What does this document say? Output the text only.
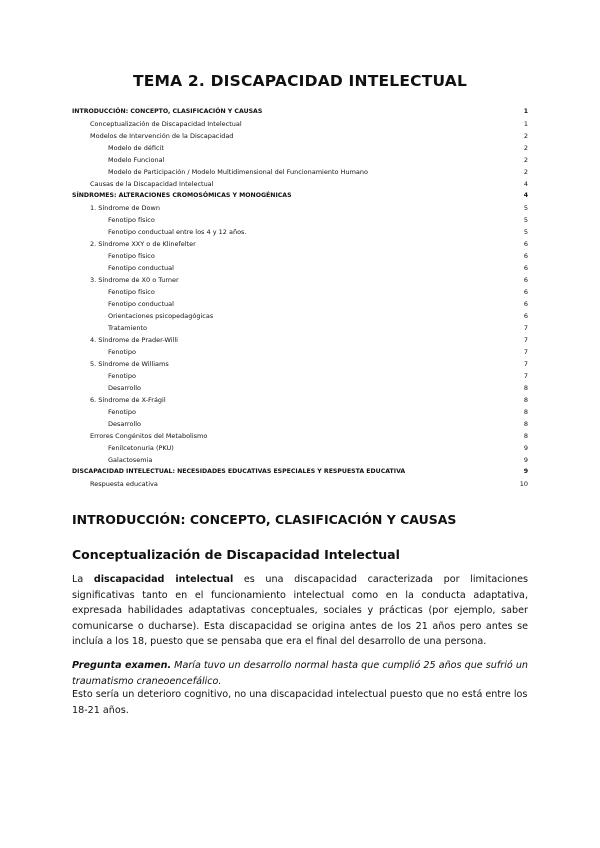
TEMA 2. DISCAPACIDAD INTELECTUAL
INTRODUCCIÓN: CONCEPTO, CLASIFICACIÓN Y CAUSAS	1
Conceptualización de Discapacidad Intelectual	1
Modelos de Intervención de la Discapacidad	2
Modelo de déficit	2
Modelo Funcional	2
Modelo de Participación / Modelo Multidimensional del Funcionamiento Humano	2
Causas de la Discapacidad Intelectual	4
SÍNDROMES: ALTERACIONES CROMOSÓMICAS Y MONOGÉNICAS	4
1. Síndrome de Down	5
Fenotipo físico	5
Fenotipo conductual entre los 4 y 12 años.	5
2. Síndrome XXY o de Klinefelter	6
Fenotipo físico	6
Fenotipo conductual	6
3. Síndrome de X0 o Turner	6
Fenotipo físico	6
Fenotipo conductual	6
Orientaciones psicopedagógicas	6
Tratamiento	7
4. Síndrome de Prader-Willi	7
Fenotipo	7
5. Síndrome de Williams	7
Fenotipo	7
Desarrollo	8
6. Síndrome de X-Frágil	8
Fenotipo	8
Desarrollo	8
Errores Congénitos del Metabolismo	8
Fenilcetonuria (PKU)	9
Galactosemia	9
DISCAPACIDAD INTELECTUAL: NECESIDADES EDUCATIVAS ESPECIALES Y RESPUESTA EDUCATIVA	9
Respuesta educativa	10
INTRODUCCIÓN: CONCEPTO, CLASIFICACIÓN Y CAUSAS
Conceptualización de Discapacidad Intelectual
La discapacidad intelectual es una discapacidad caracterizada por limitaciones significativas tanto en el funcionamiento intelectual como en la conducta adaptativa, expresada habilidades adaptativas conceptuales, sociales y prácticas (por ejemplo, saber comunicarse o ducharse). Esta discapacidad se origina antes de los 21 años pero antes se incluía a los 18, puesto que se pensaba que era el final del desarrollo de una persona.
Pregunta examen. María tuvo un desarrollo normal hasta que cumplió 25 años que sufrió un traumatismo craneoencefálico.
Esto sería un deterioro cognitivo, no una discapacidad intelectual puesto que no está entre los 18-21 años.
